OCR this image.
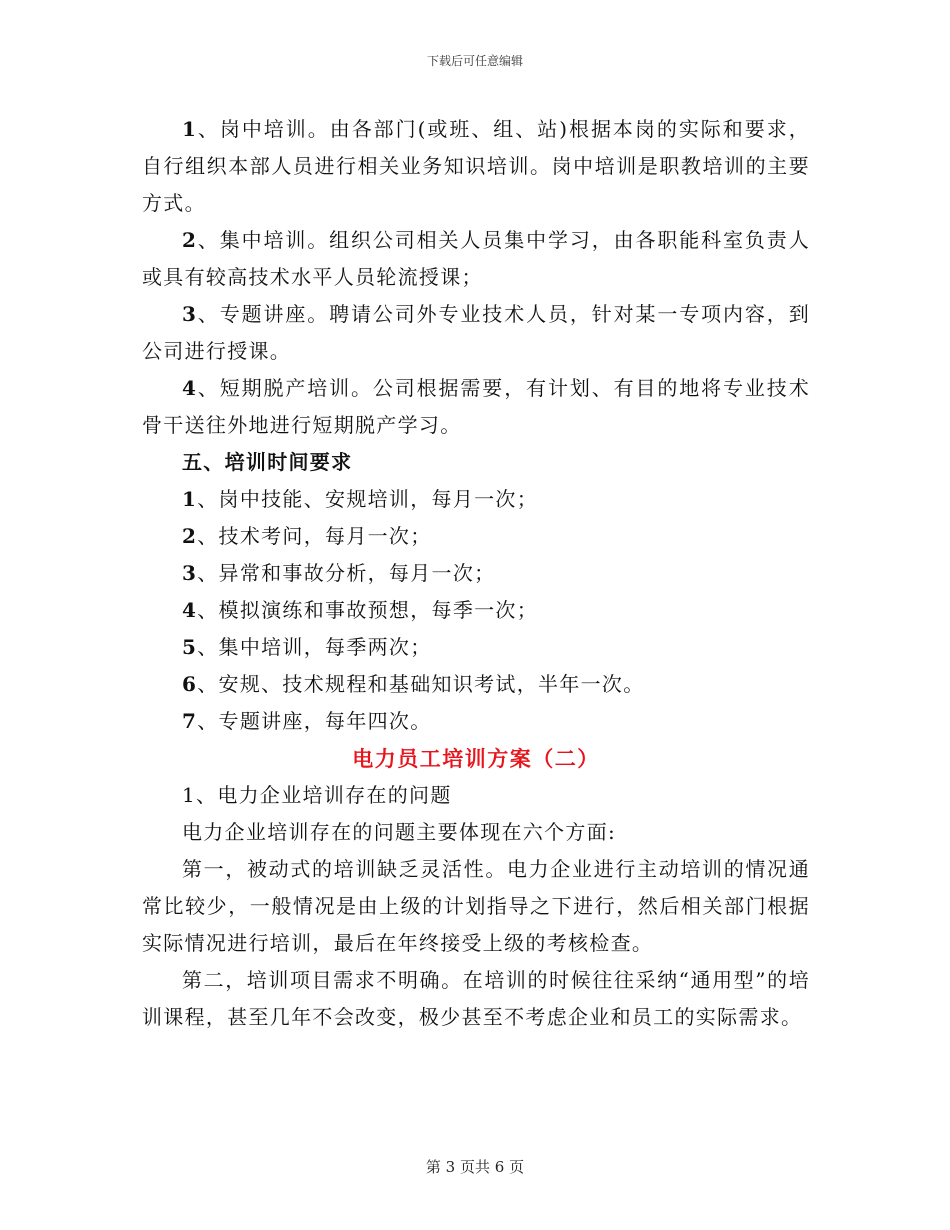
下载后可任意编辑

1、岗中培训。由各部门(或班、组、站)根据本岗的实际和要求，自行组织本部人员进行相关业务知识培训。岗中培训是职教培训的主要方式。

2、集中培训。组织公司相关人员集中学习，由各职能科室负责人或具有较高技术水平人员轮流授课；

3、专题讲座。聘请公司外专业技术人员，针对某一专项内容，到公司进行授课。

4、短期脱产培训。公司根据需要，有计划、有目的地将专业技术骨干送往外地进行短期脱产学习。

五、培训时间要求

1、岗中技能、安规培训，每月一次；

2、技术考问，每月一次；

3、异常和事故分析，每月一次；

4、模拟演练和事故预想，每季一次；

5、集中培训，每季两次；

6、安规、技术规程和基础知识考试，半年一次。

7、专题讲座，每年四次。

电力员工培训方案（二）

1、电力企业培训存在的问题

电力企业培训存在的问题主要体现在六个方面:

第一，被动式的培训缺乏灵活性。电力企业进行主动培训的情况通常比较少，一般情况是由上级的计划指导之下进行，然后相关部门根据实际情况进行培训，最后在年终接受上级的考核检查。

第二，培训项目需求不明确。在培训的时候往往采纳“通用型”的培训课程，甚至几年不会改变，极少甚至不考虑企业和员工的实际需求。

第 3 页共 6 页
